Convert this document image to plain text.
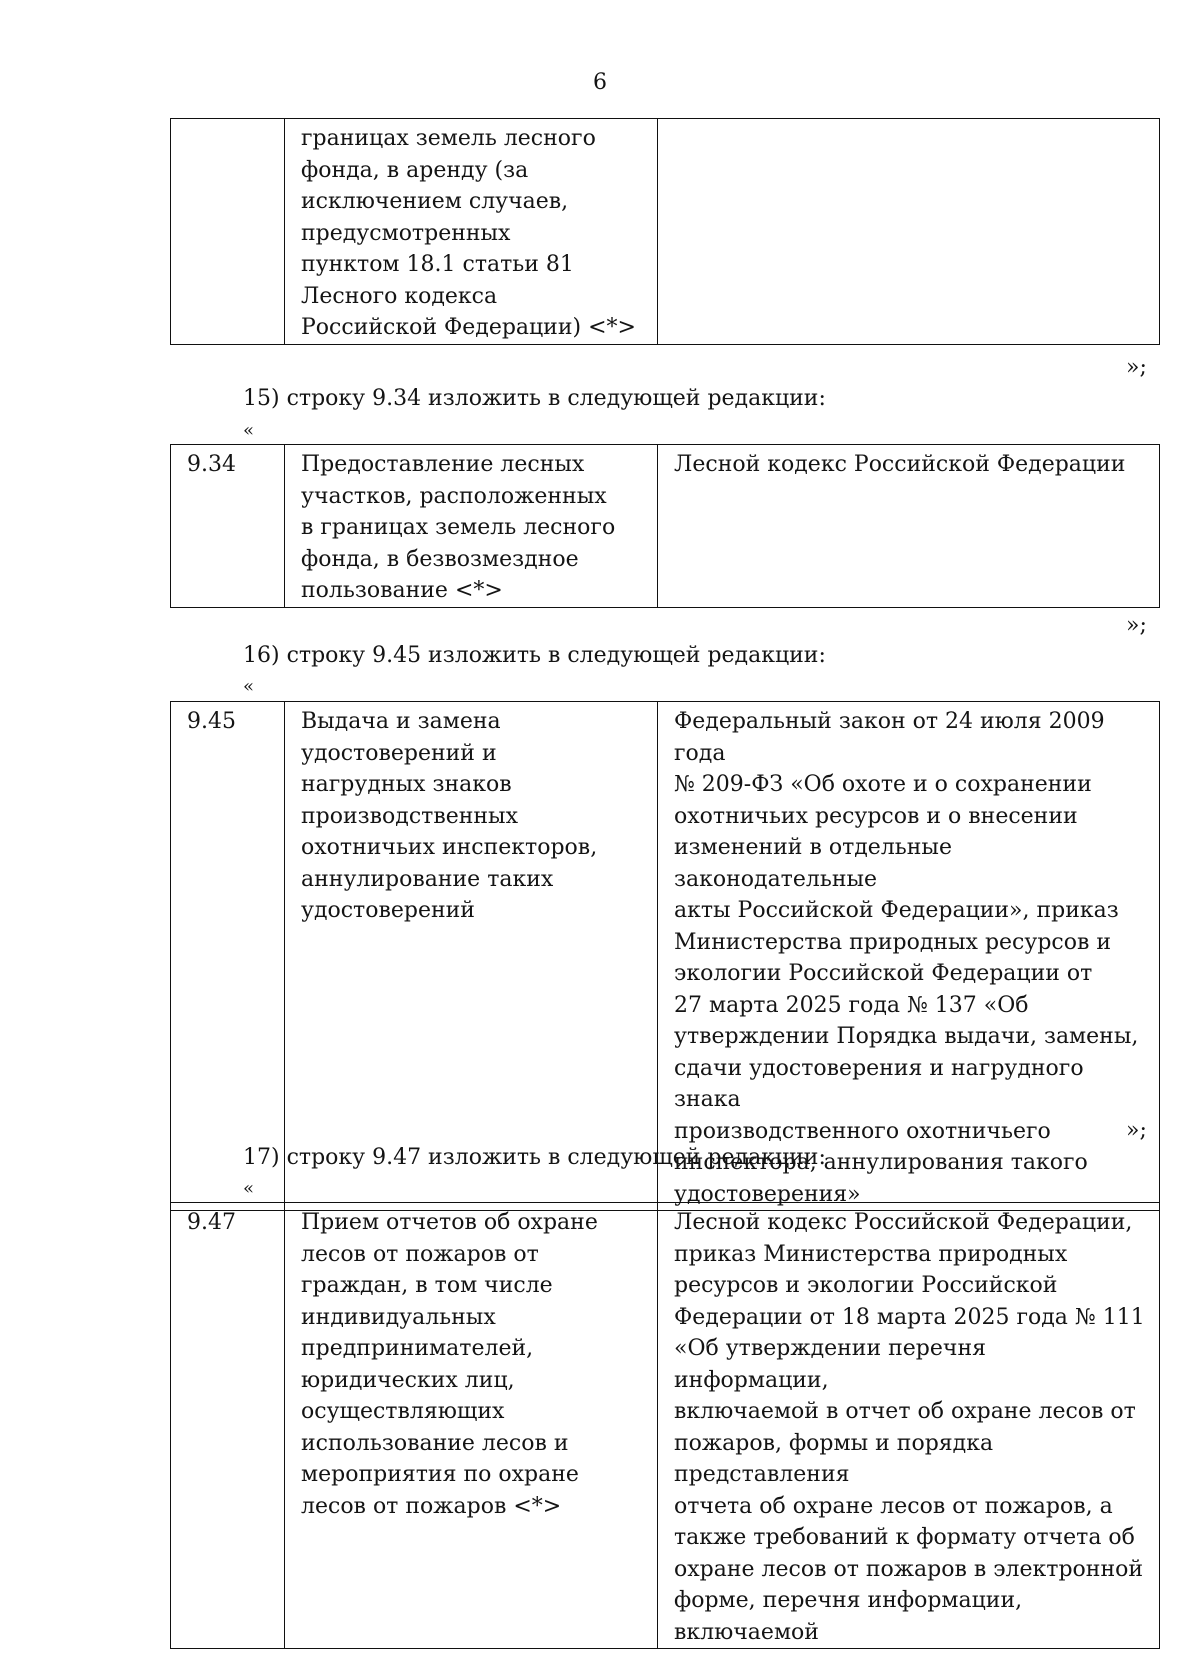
6
	границах земель лесного
фонда, в аренду (за
исключением случаев,
предусмотренных
пунктом 18.1 статьи 81
Лесного кодекса
Российской Федерации) <*>	
»;
15) строку 9.34 изложить в следующей редакции:
«
9.34	Предоставление лесных
участков, расположенных
в границах земель лесного
фонда, в безвозмездное
пользование <*>	Лесной кодекс Российской Федерации
»;
16) строку 9.45 изложить в следующей редакции:
«
9.45	Выдача и замена
удостоверений и
нагрудных знаков
производственных
охотничьих инспекторов,
аннулирование таких
удостоверений	Федеральный закон от 24 июля 2009 года
№ 209-ФЗ «Об охоте и о сохранении
охотничьих ресурсов и о внесении
изменений в отдельные законодательные
акты Российской Федерации», приказ
Министерства природных ресурсов и
экологии Российской Федерации от
27 марта 2025 года № 137 «Об
утверждении Порядка выдачи, замены,
сдачи удостоверения и нагрудного знака
производственного охотничьего
инспектора, аннулирования такого
удостоверения»
»;
17) строку 9.47 изложить в следующей редакции:
«
9.47	Прием отчетов об охране
лесов от пожаров от
граждан, в том числе
индивидуальных
предпринимателей,
юридических лиц,
осуществляющих
использование лесов и
мероприятия по охране
лесов от пожаров <*>	Лесной кодекс Российской Федерации,
приказ Министерства природных
ресурсов и экологии Российской
Федерации от 18 марта 2025 года № 111
«Об утверждении перечня информации,
включаемой в отчет об охране лесов от
пожаров, формы и порядка представления
отчета об охране лесов от пожаров, а
также требований к формату отчета об
охране лесов от пожаров в электронной
форме, перечня информации, включаемой
